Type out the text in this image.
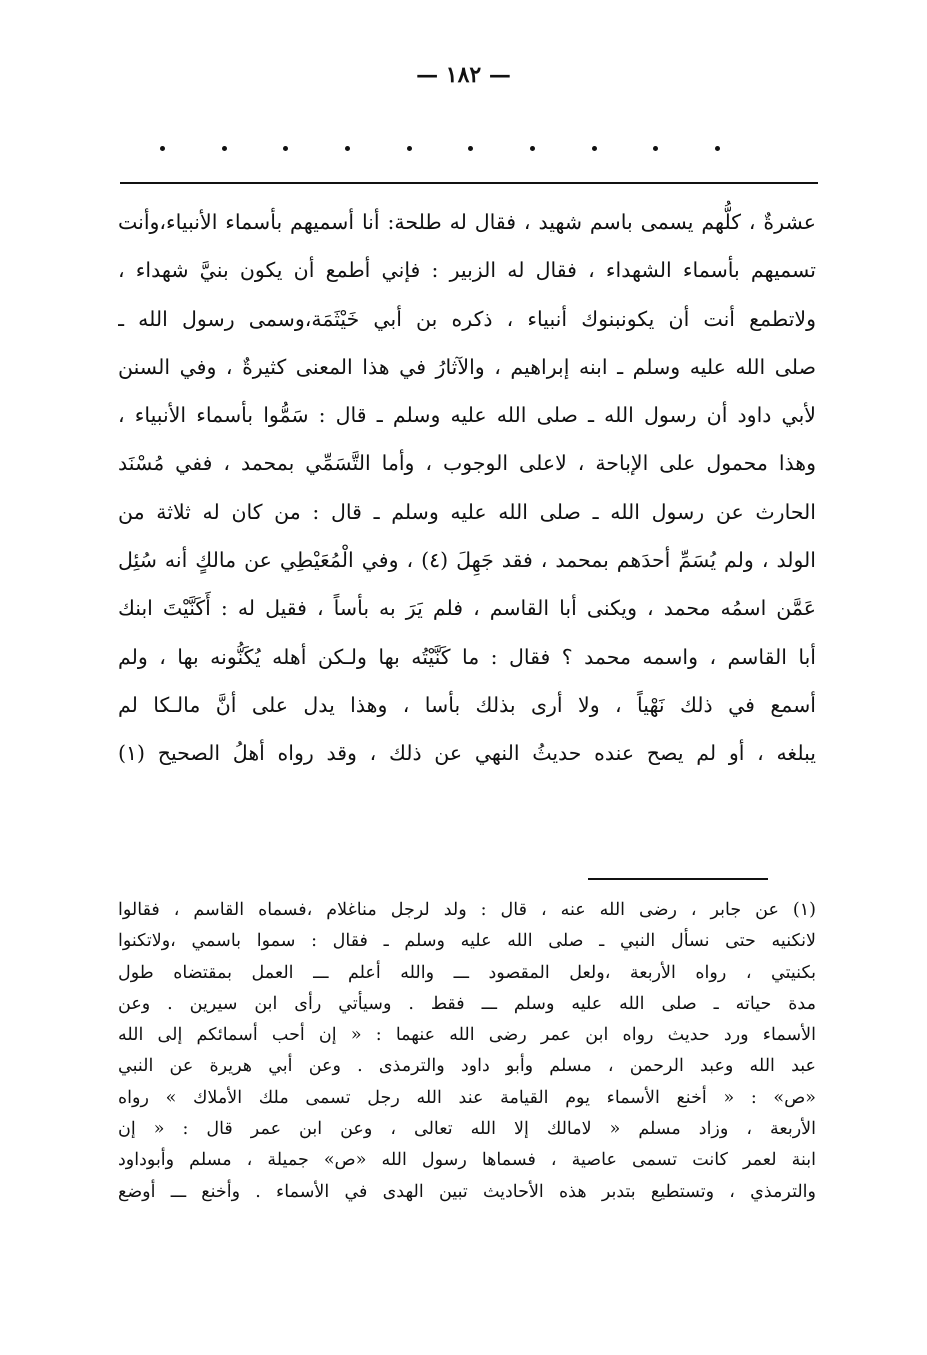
— ١٨٢ —
عشرةٌ ، كلُّهم يسمى باسم شهيد ، فقال له طلحة: أنا أسميهم بأسماء الأنبياء،وأنت
تسميهم بأسماء الشهداء ، فقال له الزبير : فإني أطمع أن يكون بنيَّ شهداء ،
ولاتطمع أنت أن يكونبنوك أنبياء ، ذكره بن أبي خَيْثَمَة،وسمى رسول الله ـ
صلى الله عليه وسلم ـ ابنه إبراهيم ، والآثارُ في هذا المعنى كثيرةٌ ، وفي السنن
لأبي داود أن رسول الله ـ صلى الله عليه وسلم ـ قال : سَمُّوا بأسماء الأنبياء ،
وهذا محمول على الإباحة ، لاعلى الوجوب ، وأما التَّسَمِّي بمحمد ، ففي مُسْنَد
الحارث عن رسول الله ـ صلى الله عليه وسلم ـ قال : من كان له ثلاثة من
الولد ، ولم يُسَمِّ أحدَهم بمحمد ، فقد جَهِلَ (٤) ، وفي الْمُعَيْطِي عن مالكٍ أنه سُئِل
عَمَّن اسمُه محمد ، ويكنى أبا القاسم ، فلم يَرَ به بأساً ، فقيل له : أَكَنَّيْتَ ابنك
أبا القاسم ، واسمه محمد ؟ فقال : ما كَنَّيْتُه بها ولـكن أهله يُكَنُّونه بها ، ولم
أسمع في ذلك نَهْياً ، ولا أرى بذلك بأسا ، وهذا يدل على أنَّ مالـكا لم
يبلغه ، أو لم يصح عنده حديثُ النهي عن ذلك ، وقد رواه أهلُ الصحيح (١)
(١) عن جابر ، رضى الله عنه ، قال : ولد لرجل مناغلام ،فسماه القاسم ، فقالوا
لانكنيه حتى نسأل النبي ـ صلى الله عليه وسلم ـ فقال : سموا باسمي ،ولاتكنوا
بكنيتي ، رواه الأربعة ،ولعل المقصود ـــ والله أعلم ـــ العمل بمقتضاه طول
مدة حياته ـ صلى الله عليه وسلم ـــ فقط . وسيأتي رأى ابن سيرين . وعن
الأسماء ورد حديث رواه ابن عمر رضى الله عنهما : « إن أحب أسمائكم إلى الله
عبد الله وعبد الرحمن ، مسلم وأبو داود والترمذى . وعن أبي هريرة عن النبي
«ص» : « أخنع الأسماء يوم القيامة عند الله رجل تسمى ملك الأملاك » رواه
الأربعة ، وزاد مسلم « لامالك إلا الله تعالى ، وعن ابن عمر قال : « إن
ابنة لعمر كانت تسمى عاصية ، فسماها رسول الله «ص» جميلة ، مسلم وأبوداود
والترمذي ، وتستطيع بتدبر هذه الأحاديث تبين الهدى في الأسماء . وأخنع ـــ أوضع
